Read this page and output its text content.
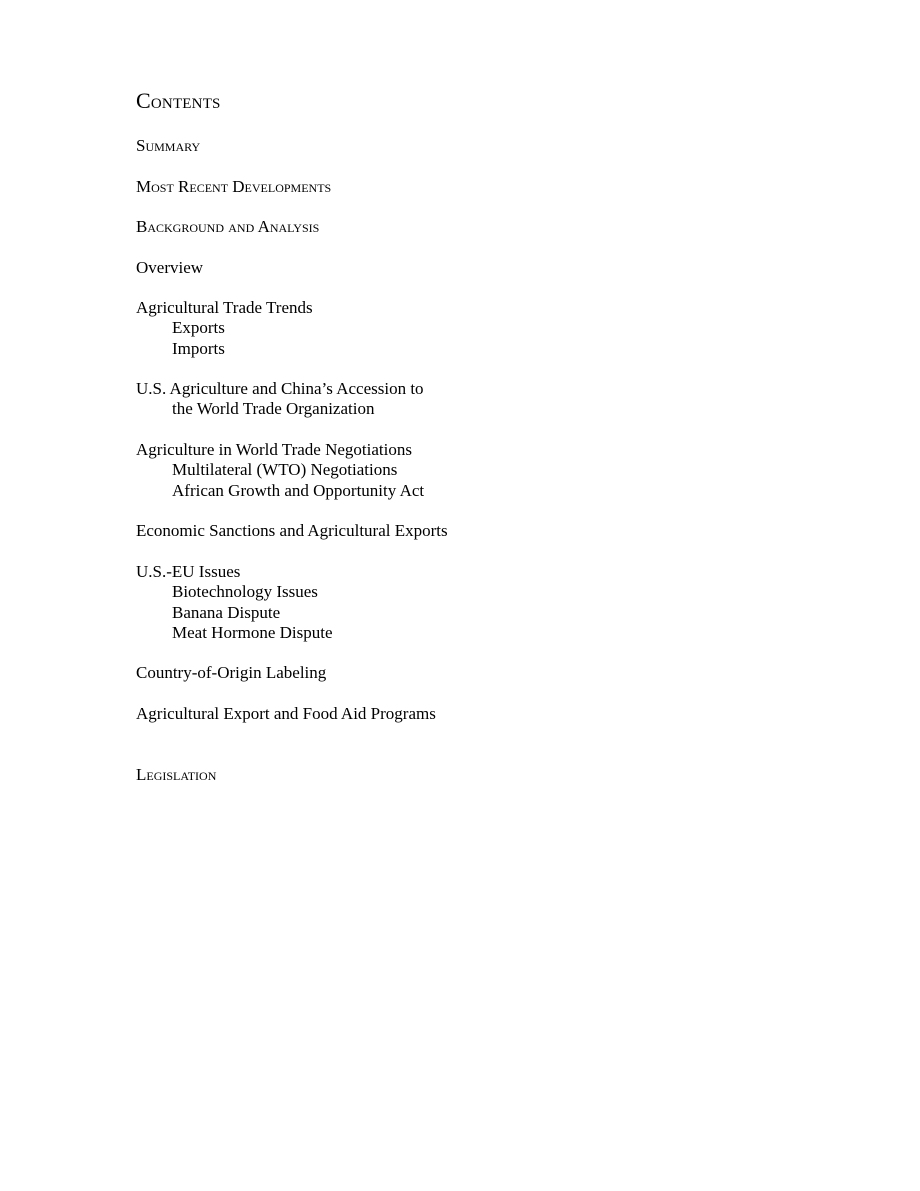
Contents
Summary
Most Recent Developments
Background and Analysis
Overview
Agricultural Trade Trends
Exports
Imports
U.S. Agriculture and China’s Accession to
the World Trade Organization
Agriculture in World Trade Negotiations
Multilateral (WTO) Negotiations
African Growth and Opportunity Act
Economic Sanctions and Agricultural Exports
U.S.-EU Issues
Biotechnology Issues
Banana Dispute
Meat Hormone Dispute
Country-of-Origin Labeling
Agricultural Export and Food Aid Programs
Legislation
